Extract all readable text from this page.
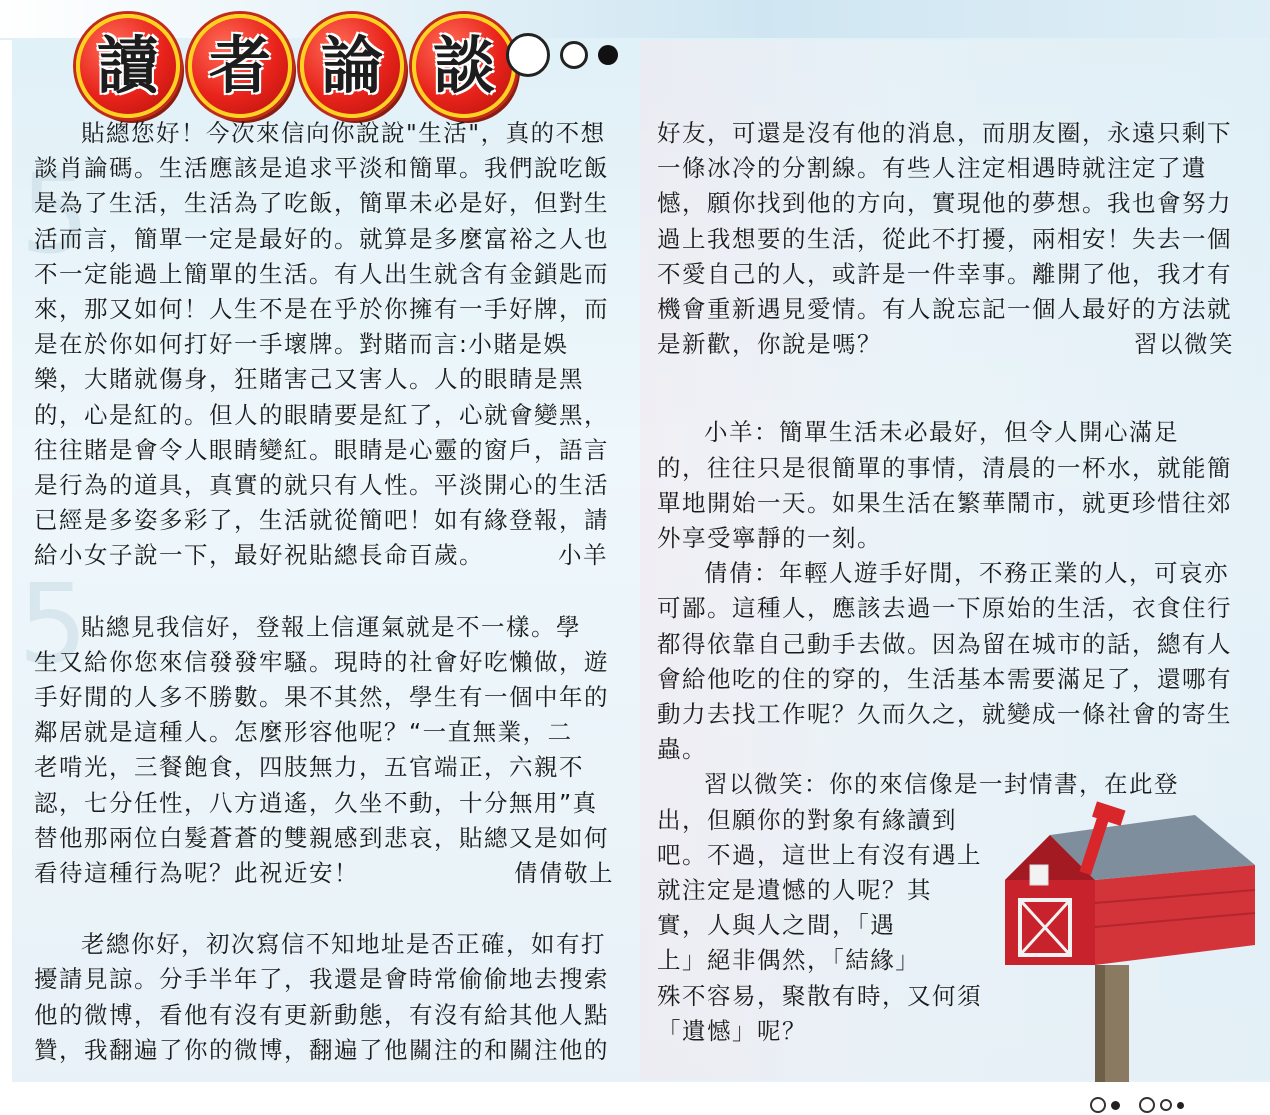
5
5
讀 者 論 談

貼總您好！今次來信向你說說"生活"，真的不想

談肖論碼。生活應該是追求平淡和簡單。我們說吃飯

是為了生活，生活為了吃飯，簡單未必是好，但對生

活而言，簡單一定是最好的。就算是多麼富裕之人也

不一定能過上簡單的生活。有人出生就含有金鎖匙而

來，那又如何！人生不是在乎於你擁有一手好牌，而

是在於你如何打好一手壞牌。對賭而言:小賭是娛

樂，大賭就傷身，狂賭害己又害人。人的眼睛是黑

的，心是紅的。但人的眼睛要是紅了，心就會變黑，

往往賭是會令人眼睛變紅。眼睛是心靈的窗戶，語言

是行為的道具，真實的就只有人性。平淡開心的生活

已經是多姿多彩了，生活就從簡吧！如有緣登報，請

給小女子說一下，最好祝貼總長命百歲。	小羊

貼總見我信好，登報上信運氣就是不一樣。學

生又給你您來信發發牢騷。現時的社會好吃懶做，遊

手好閒的人多不勝數。果不其然，學生有一個中年的

鄰居就是這種人。怎麼形容他呢？“一直無業，二

老啃光，三餐飽食，四肢無力，五官端正，六親不

認，七分任性，八方逍遙，久坐不動，十分無用”真

替他那兩位白髮蒼蒼的雙親感到悲哀，貼總又是如何

看待這種行為呢？此祝近安！	倩倩敬上

老總你好，初次寫信不知地址是否正確，如有打

擾請見諒。分手半年了，我還是會時常偷偷地去搜索

他的微博，看他有沒有更新動態，有沒有給其他人點

贊，我翻遍了你的微博，翻遍了他關注的和關注他的

好友，可還是沒有他的消息，而朋友圈，永遠只剩下

一條冰冷的分割線。有些人注定相遇時就注定了遺

憾，願你找到他的方向，實現他的夢想。我也會努力

過上我想要的生活，從此不打擾，兩相安！失去一個

不愛自己的人，或許是一件幸事。離開了他，我才有

機會重新遇見愛情。有人說忘記一個人最好的方法就

是新歡，你說是嗎？	習以微笑

小羊：簡單生活未必最好，但令人開心滿足

的，往往只是很簡單的事情，清晨的一杯水，就能簡

單地開始一天。如果生活在繁華鬧市，就更珍惜往郊

外享受寧靜的一刻。

倩倩：年輕人遊手好閒，不務正業的人，可哀亦

可鄙。這種人，應該去過一下原始的生活，衣食住行

都得依靠自己動手去做。因為留在城市的話，總有人

會給他吃的住的穿的，生活基本需要滿足了，還哪有

動力去找工作呢？久而久之，就變成一條社會的寄生

蟲。

習以微笑：你的來信像是一封情書，在此登

出，但願你的對象有緣讀到

吧。不過，這世上有沒有遇上

就注定是遺憾的人呢？其

實，人與人之間，「遇

上」絕非偶然，「結緣」

殊不容易，聚散有時，又何須

「遺憾」呢？
